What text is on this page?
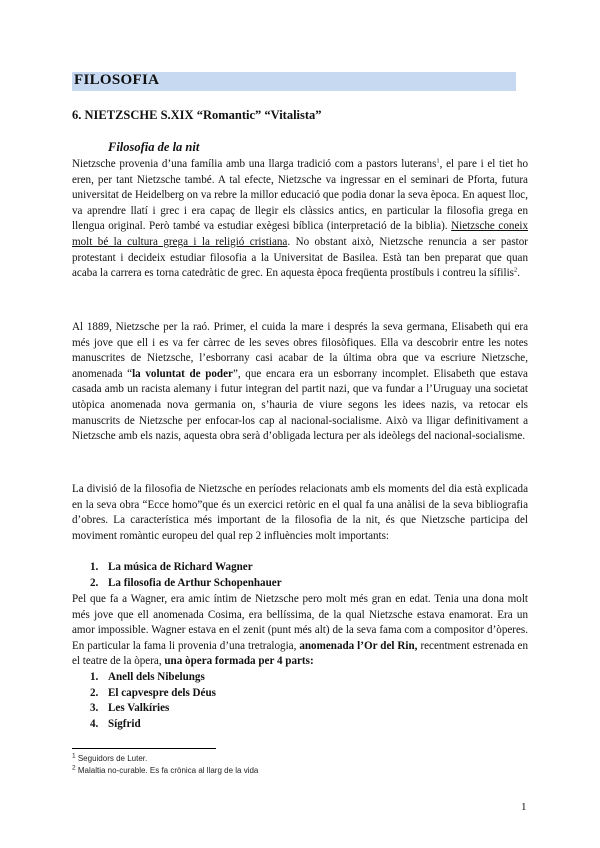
FILOSOFIA
6. NIETZSCHE S.XIX “Romantic” “Vitalista”
Filosofia de la nit

Nietzsche provenia d’una família amb una llarga tradició com a pastors luterans$^1$, el pare i el tiet ho eren, per tant Nietzsche també. A tal efecte, Nietzsche va ingressar en el seminari de Pforta, futura universitat de Heidelberg on va rebre la millor educació que podia donar la seva època. En aquest lloc, va aprendre llatí i grec i era capaç de llegir els clàssics antics, en particular la filosofia grega en llengua original. Però també va estudiar exègesi bíblica (interpretació de la biblia). Nietzsche coneix molt bé la cultura grega i la religió cristiana. No obstant això, Nietzsche renuncia a ser pastor protestant i decideix estudiar filosofia a la Universitat de Basilea. Està tan ben preparat que quan acaba la carrera es torna catedràtic de grec. En aquesta època freqüenta prostíbuls i contreu la sífilis$^2$.

Al 1889, Nietzsche per la raó. Primer, el cuida la mare i després la seva germana, Elisabeth qui era més jove que ell i es va fer càrrec de les seves obres filosòfiques. Ella va descobrir entre les notes manuscrites de Nietzsche, l’esborrany casi acabar de la última obra que va escriure Nietzsche, anomenada “la voluntat de poder”, que encara era un esborrany incomplet. Elisabeth que estava casada amb un racista alemany i futur integran del partit nazi, que va fundar a l’Uruguay una societat utòpica anomenada nova germania on, s’hauria de viure segons les idees nazis, va retocar els manuscrits de Nietzsche per enfocar-los cap al nacional-socialisme. Això va lligar definitivament a Nietzsche amb els nazis, aquesta obra serà d’obligada lectura per als ideòlegs del nacional-socialisme.

La divisió de la filosofia de Nietzsche en períodes relacionats amb els moments del dia està explicada en la seva obra “Ecce homo”que és un exercici retòric en el qual fa una anàlisi de la seva bibliografia d’obres. La característica més important de la filosofia de la nit, és que Nietzsche participa del moviment romàntic europeu del qual rep 2 influències molt importants:

1. La música de Richard Wagner
2. La filosofia de Arthur Schopenhauer

Pel que fa a Wagner, era amic íntim de Nietzsche pero molt més gran en edat. Tenia una dona molt més jove que ell anomenada Cosima, era bellíssima, de la qual Nietzsche estava enamorat. Era un amor impossible. Wagner estava en el zenit (punt més alt) de la seva fama com a compositor d’òperes. En particular la fama li provenia d’una tretralogia, anomenada l’Or del Rin, recentment estrenada en el teatre de la òpera, una òpera formada per 4 parts:

1. Anell dels Nibelungs
2. El capvespre dels Déus
3. Les Valkíries
4. Sígfrid
$^1$ Seguidors de Luter.
$^2$ Malaltia no-curable. Es fa crònica al llarg de la vida
1
